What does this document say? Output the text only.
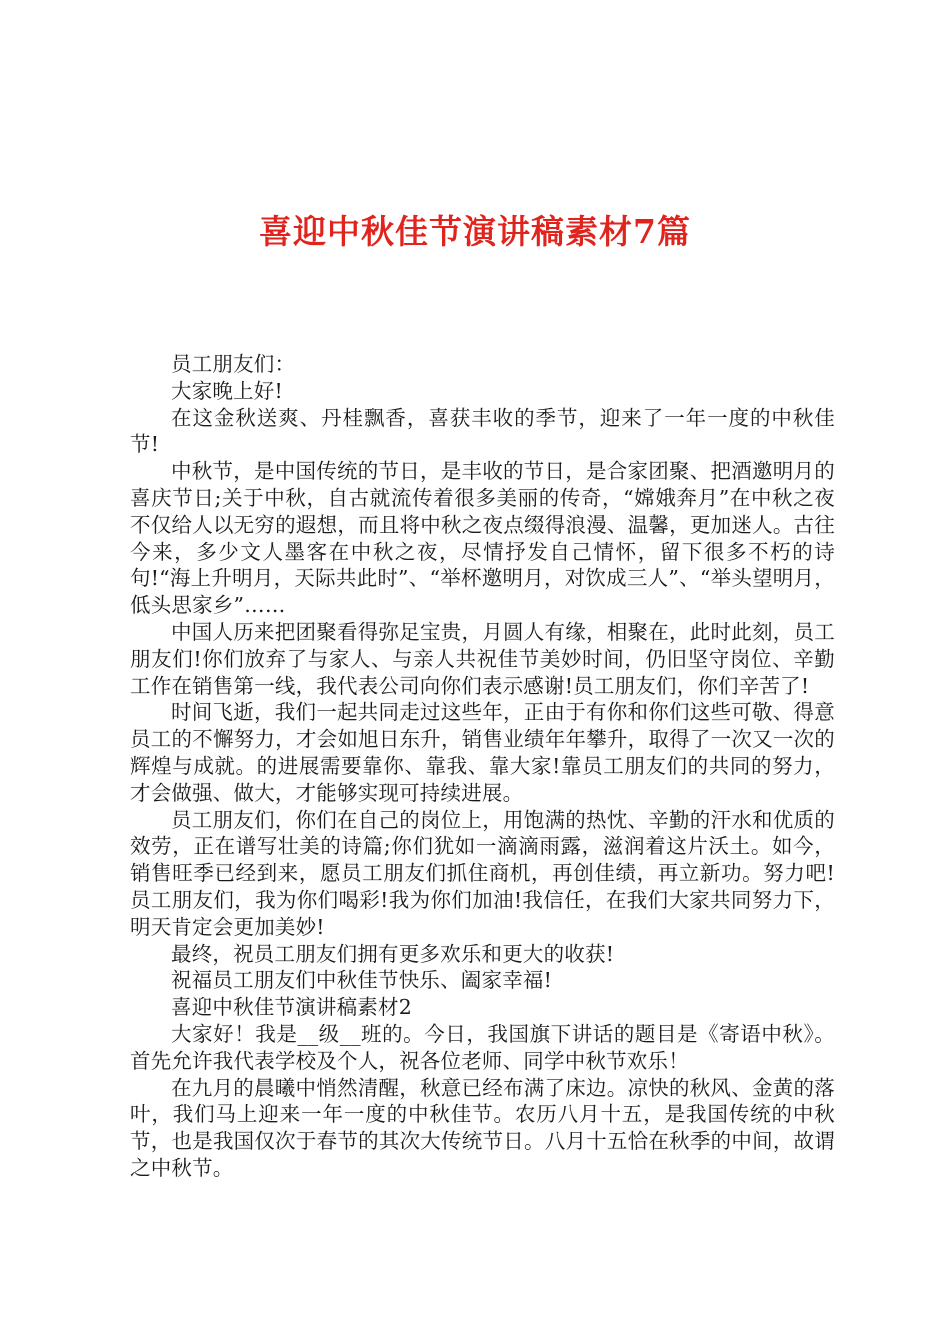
喜迎中秋佳节演讲稿素材7篇

员工朋友们：

大家晚上好!

在这金秋送爽、丹桂飘香，喜获丰收的季节，迎来了一年一度的中秋佳节!

中秋节，是中国传统的节日，是丰收的节日，是合家团聚、把酒邀明月的喜庆节日;关于中秋，自古就流传着很多美丽的传奇，“嫦娥奔月”在中秋之夜不仅给人以无穷的遐想，而且将中秋之夜点缀得浪漫、温馨，更加迷人。古往今来，多少文人墨客在中秋之夜，尽情抒发自己情怀，留下很多不朽的诗句!“海上升明月，天际共此时”、“举杯邀明月，对饮成三人”、“举头望明月，低头思家乡”……

中国人历来把团聚看得弥足宝贵，月圆人有缘，相聚在，此时此刻，员工朋友们!你们放弃了与家人、与亲人共祝佳节美妙时间，仍旧坚守岗位、辛勤工作在销售第一线，我代表公司向你们表示感谢!员工朋友们，你们辛苦了!

时间飞逝，我们一起共同走过这些年，正由于有你和你们这些可敬、得意员工的不懈努力，才会如旭日东升，销售业绩年年攀升，取得了一次又一次的辉煌与成就。的进展需要靠你、靠我、靠大家!靠员工朋友们的共同的努力，才会做强、做大，才能够实现可持续进展。

员工朋友们，你们在自己的岗位上，用饱满的热忱、辛勤的汗水和优质的效劳，正在谱写壮美的诗篇;你们犹如一滴滴雨露，滋润着这片沃土。如今，销售旺季已经到来，愿员工朋友们抓住商机，再创佳绩，再立新功。努力吧!员工朋友们，我为你们喝彩!我为你们加油!我信任，在我们大家共同努力下，明天肯定会更加美妙!

最终，祝员工朋友们拥有更多欢乐和更大的收获!

祝福员工朋友们中秋佳节快乐、阖家幸福!

喜迎中秋佳节演讲稿素材2

大家好！我是__级__班的。今日，我国旗下讲话的题目是《寄语中秋》。首先允许我代表学校及个人，祝各位老师、同学中秋节欢乐！

在九月的晨曦中悄然清醒，秋意已经布满了床边。凉快的秋风、金黄的落叶，我们马上迎来一年一度的中秋佳节。农历八月十五，是我国传统的中秋节，也是我国仅次于春节的其次大传统节日。八月十五恰在秋季的中间，故谓之中秋节。
